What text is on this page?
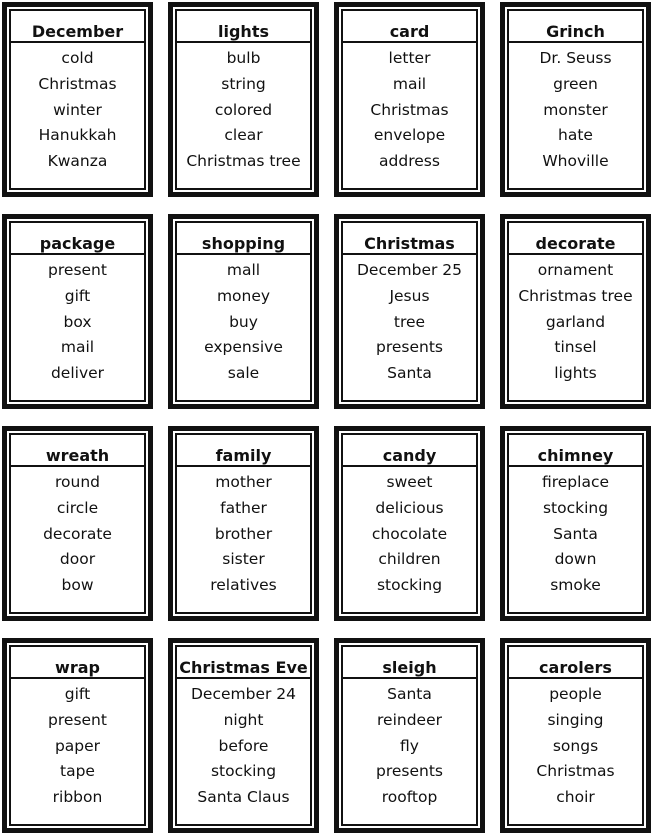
December
cold
Christmas
winter
Hanukkah
Kwanza
lights
bulb
string
colored
clear
Christmas tree
card
letter
mail
Christmas
envelope
address
Grinch
Dr. Seuss
green
monster
hate
Whoville
package
present
gift
box
mail
deliver
shopping
mall
money
buy
expensive
sale
Christmas
December 25
Jesus
tree
presents
Santa
decorate
ornament
Christmas tree
garland
tinsel
lights
wreath
round
circle
decorate
door
bow
family
mother
father
brother
sister
relatives
candy
sweet
delicious
chocolate
children
stocking
chimney
fireplace
stocking
Santa
down
smoke
wrap
gift
present
paper
tape
ribbon
Christmas Eve
December 24
night
before
stocking
Santa Claus
sleigh
Santa
reindeer
fly
presents
rooftop
carolers
people
singing
songs
Christmas
choir
